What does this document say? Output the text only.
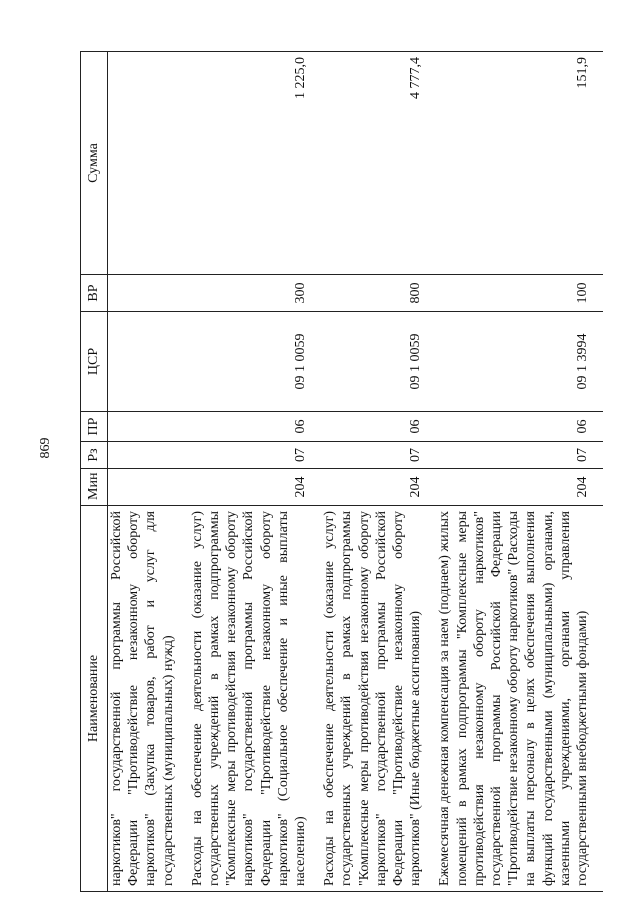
869
Наименование	Мин	Рз	ПР	ЦСР	ВР	Сумма
наркотиков" государственной программы Российской Федерации "Противодействие незаконному обороту наркотиков" (Закупка товаров, работ и услуг для государственных (муниципальных) нужд)						
Расходы на обеспечение деятельности (оказание услуг) государственных учреждений в рамках подпрограммы "Комплексные меры противодействия незаконному обороту наркотиков" государственной программы Российской Федерации "Противодействие незаконному обороту наркотиков" (Социальное обеспечение и иные выплаты населению)	204	07	06	09 1 0059	300	1 225,0
Расходы на обеспечение деятельности (оказание услуг) государственных учреждений в рамках подпрограммы "Комплексные меры противодействия незаконному обороту наркотиков" государственной программы Российской Федерации "Противодействие незаконному обороту наркотиков" (Иные бюджетные ассигнования)	204	07	06	09 1 0059	800	4 777,4
Ежемесячная денежная компенсация за наем (поднаем) жилых помещений в рамках подпрограммы "Комплексные меры противодействия незаконному обороту наркотиков" государственной программы Российской Федерации "Противодействие незаконному обороту наркотиков" (Расходы на выплаты персоналу в целях обеспечения выполнения функций государственными (муниципальными) органами, казенными учреждениями, органами управления государственными внебюджетными фондами)	204	07	06	09 1 3994	100	151,9
